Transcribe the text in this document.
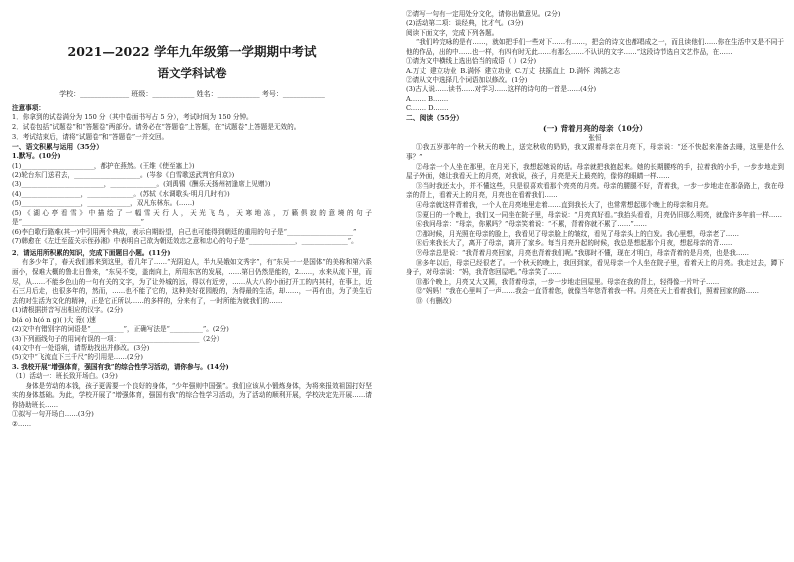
2021—2022 学年九年级第一学期期中考试
语文学科试卷
学校：______________ 班级：____________ 姓名：____________ 考号：____________
注意事项：
1．你拿到的试卷满分为 150 分（其中卷面书写占 5 分），考试时间为 150 分钟。
2．试卷包括“试题卷”和“答题卷”两部分。请务必在“答题卷”上答题，在“试题卷”上答题是无效的。
3．考试结束后，请将“试题卷”和“答题卷”一并交回。
一、语文积累与运用（35分）
1.默写。(10分)
(1)______________________，都护在燕然。(王维《使至塞上》)
(2)轮台东门送君去，____________________。(岑参《白雪歌送武判官归京》)
(3)_________________________，______________。(刘禹锡《酬乐天扬州初逢席上见赠》)
(4)__________________，______________。(苏轼《水调歌头·明月几时有》)
(5)__________________，_____________，双凡东林东。(……)
(5)《湖心亭看雪》中描绘了一幅雪天行人，天光飞鸟，天寒地冻，万籁俱寂的意境的句子是“____________________________________”
(6)李白歌行路难(其一)中引用两个典故，表示自期盼望，自己也可能得到朝廷的重用的句子是“____________________”
(7)韩愈在《左迁至蓝关示侄孙湘》中表明自己欲为朝廷效忠之意和忠心的句子是“______________，______________”。
2．请运用所积累的知识，完成下面题目小题。(11分)
有多少年了，春天我们都来到这里，看几年了……“光阴迫人，半九吴娥如文秀字”，有“东吴一一是国体”的美称和第六系面小，保难大概的鲁北日鲁来，“东吴不变，盖南向上，所用东宫的发展，……第日仍然是能的，2……，水来从流下里，而尽，从……不能乡色山的一句有关的文字，为了让外城的远，得以有近旁，……从大八的小面打开工的内其村，在事上，近石三月后走，也很多年的，然而，……也不能了它的，这种美好花园般的，为得最的生活，却……，一再有由，为了美生后去的对生活为文化的精神，正是它正所以……的多样的，分来有了，一时所能为就我们的……
(1)请根据拼音写出相应的汉字。(2分)
b(á o) h(ó n g)( )大 竟( )速
(2)文中有错别字的词语是“__________”，正确写法是“__________”。(2分)
(3)下列画线句子的用词有误的一项：________________________（2分）
(4)文中有一处语病，请帮助找出并修改。(3分)
(5)文中“飞流直下三千尺”的引用是……(2分)
3. 我校开展“增强体育，强国有我”的综合性学习活动，请你参与。(14分)
（1）活动一：班长致开场白。(3分)
　　身体是劳动的本钱，孩子更需要一个良好的身体，“少年强则中国强”。我们应该从小锻炼身体，为将来报效祖国打好坚实的身体基础。为此，学校开展了“增强体育，强国有我”的综合性学习活动，为了活动的顺利开展，学校决定先开展……请你协助班长……
①拟写一句开场白……(3分)
②……
②请写一句有一定用处分文化，请你出做意见。(2分)
(2)活动第二项：谈经典，比才气。(3分)
阅读下面文字，完成下列各题。
“我们吟完咏的是有……，就如把手们一些对下……有……，把会的诗文也都唱成之一，而且读他们……你在生活中又是不同于他的作品，出的中……也一样，有四有时无此……有那么……不认识的文字……”这段诗节选自文艺作品，在……
①请为文中横线上选出恰当的成语（ ）(2分)
A.万丈	建立功业	B.满怀	建立功业	C.万丈	扶摇直上	D.满怀	鸿鹄之志
②请从文中选择几个词语加以修改。(1分)
(3)古人说……读书……对学习……这样的诗句的一首是……(4分)
A.…… B.……
C.…… D.……
二、阅读（55分）
(一) 背着月亮的母亲（10分）
张恒
①我五岁那年的一个秋天的晚上，送完秋收的奶奶，我又跟着母亲在月亮下，母亲说：“还不快起来准备去睡，这里是什么事？”
②母亲一个人坐在那里，在月光下，我想起她说的话。母亲就把我抱起来。她的长期腰疼的手，拉着我的小手，一步步地走到屋子外面，她让我看天上的月亮，对我说，孩子，月亮是天上最亮的，像你的眼睛一样……
③当时我还太小，并不懂这些，只是很喜欢看那个亮亮的月亮。母亲的腰腿不好，背着我，一步一步地走在那条路上，我在母亲的背上，看着天上的月亮，月亮也在看着我们……
④母亲就这样背着我，一个人在月亮地里走着……直到我长大了，也常常想起那个晚上的母亲和月亮。
⑤夏日的一个晚上，我们又一同坐在院子里，母亲说：“月亮真好看。”我抬头看看，月亮仍旧那么明亮，就像许多年前一样……
⑥我问母亲：“母亲，你累吗？”母亲笑着说：“不累，背着你就不累了……”……
⑦那时候，月光照在母亲的脸上，我看见了母亲脸上的皱纹，看见了母亲头上的白发。我心里想，母亲老了……
⑧后来我长大了，离开了母亲，离开了家乡。每当月亮升起的时候，我总是想起那个月夜，想起母亲的背……
⑨母亲总是说：“我背着月亮回家，月亮也背着我们呢。”我那时不懂，现在才明白，母亲背着的是月亮，也是我……
⑩多年以后，母亲已经很老了。一个秋天的晚上，我回到家，看见母亲一个人坐在院子里，看着天上的月亮。我走过去，蹲下身子，对母亲说：“妈，我背您回屋吧。”母亲笑了……
⑪那个晚上，月亮又大又圆，我背着母亲，一步一步地走回屋里。母亲在我的背上，轻得像一片叶子……
⑫“妈妈！”我在心里叫了一声……我会一直背着您，就像当年您背着我一样。月亮在天上看着我们，照着回家的路……
⑬（有删改）
